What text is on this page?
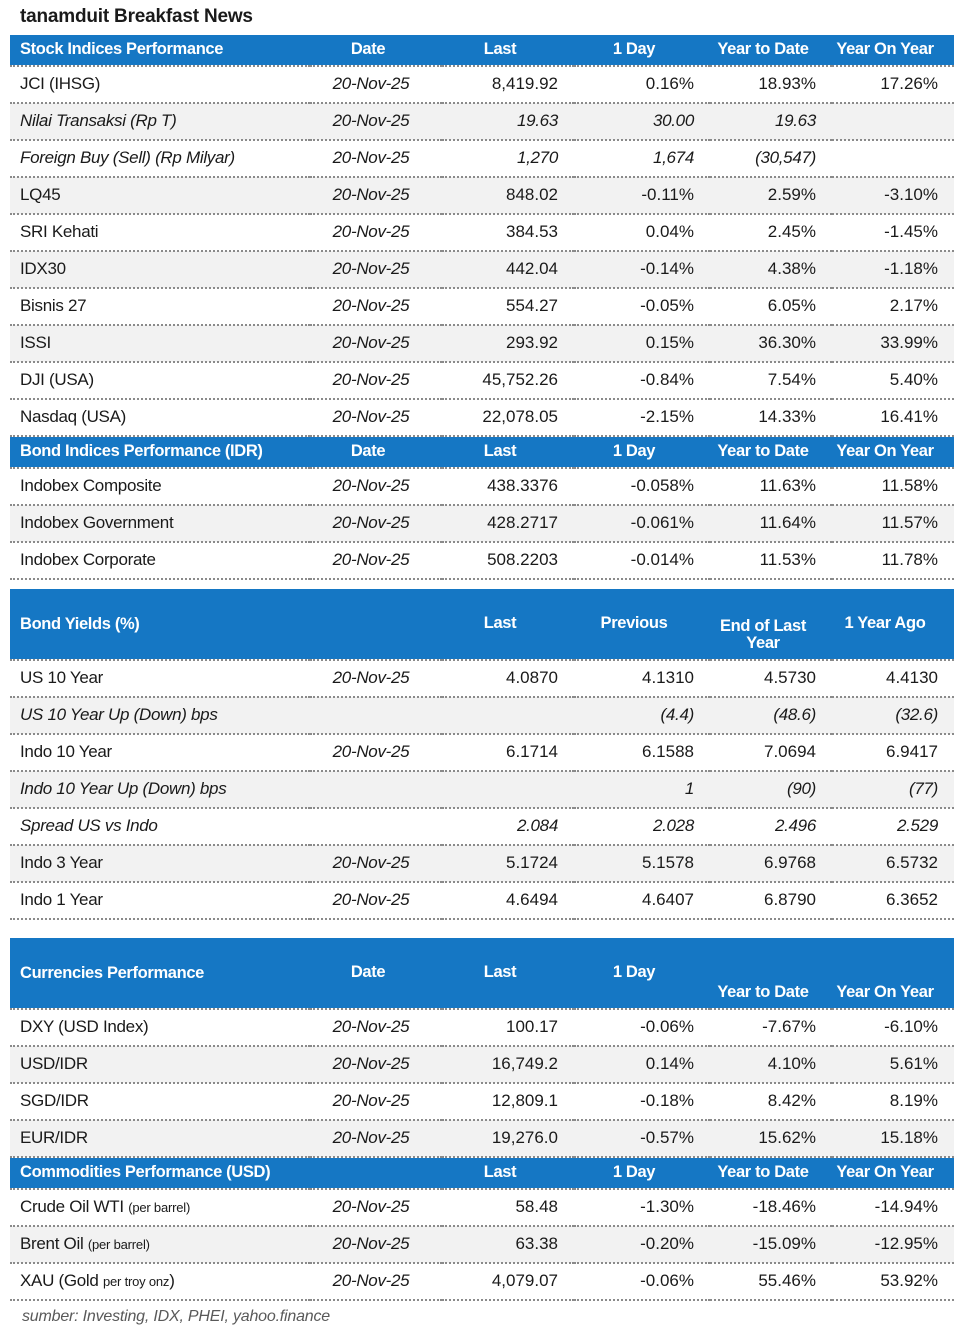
tanamduit Breakfast News
Stock Indices Performance	Date	Last	1 Day	Year to Date	Year On Year
JCI (IHSG)	20-Nov-25	8,419.92	0.16%	18.93%	17.26%
Nilai Transaksi (Rp T)	20-Nov-25	19.63	30.00	19.63	
Foreign Buy (Sell) (Rp Milyar)	20-Nov-25	1,270	1,674	(30,547)	
LQ45	20-Nov-25	848.02	-0.11%	2.59%	-3.10%
SRI Kehati	20-Nov-25	384.53	0.04%	2.45%	-1.45%
IDX30	20-Nov-25	442.04	-0.14%	4.38%	-1.18%
Bisnis 27	20-Nov-25	554.27	-0.05%	6.05%	2.17%
ISSI	20-Nov-25	293.92	0.15%	36.30%	33.99%
DJI (USA)	20-Nov-25	45,752.26	-0.84%	7.54%	5.40%
Nasdaq (USA)	20-Nov-25	22,078.05	-2.15%	14.33%	16.41%
Bond Indices Performance (IDR)	Date	Last	1 Day	Year to Date	Year On Year
Indobex Composite	20-Nov-25	438.3376	-0.058%	11.63%	11.58%
Indobex Government	20-Nov-25	428.2717	-0.061%	11.64%	11.57%
Indobex Corporate	20-Nov-25	508.2203	-0.014%	11.53%	11.78%
Bond Yields (%)		Last	Previous	End of Last Year	1 Year Ago
US 10 Year	20-Nov-25	4.0870	4.1310	4.5730	4.4130
US 10 Year Up (Down) bps			(4.4)	(48.6)	(32.6)
Indo 10 Year	20-Nov-25	6.1714	6.1588	7.0694	6.9417
Indo 10 Year Up (Down) bps			1	(90)	(77)
Spread US vs Indo		2.084	2.028	2.496	2.529
Indo 3 Year	20-Nov-25	5.1724	5.1578	6.9768	6.5732
Indo 1 Year	20-Nov-25	4.6494	4.6407	6.8790	6.3652
Currencies Performance	Date	Last	1 Day	Year to Date	Year On Year
DXY (USD Index)	20-Nov-25	100.17	-0.06%	-7.67%	-6.10%
USD/IDR	20-Nov-25	16,749.2	0.14%	4.10%	5.61%
SGD/IDR	20-Nov-25	12,809.1	-0.18%	8.42%	8.19%
EUR/IDR	20-Nov-25	19,276.0	-0.57%	15.62%	15.18%
Commodities Performance (USD)		Last	1 Day	Year to Date	Year On Year
Crude Oil WTI (per barrel)	20-Nov-25	58.48	-1.30%	-18.46%	-14.94%
Brent Oil (per barrel)	20-Nov-25	63.38	-0.20%	-15.09%	-12.95%
XAU (Gold per troy onz)	20-Nov-25	4,079.07	-0.06%	55.46%	53.92%
sumber: Investing, IDX, PHEI, yahoo.finance
